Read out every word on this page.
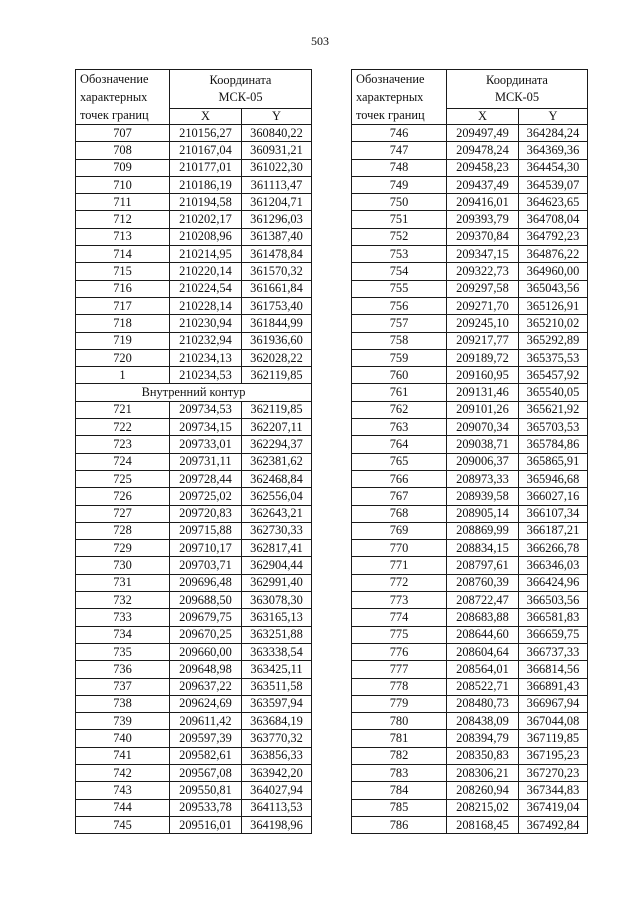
503
Обозначение
характерных
точек границ	Координата
МСК-05	
	X	Y
707	210156,27	360840,22
708	210167,04	360931,21
709	210177,01	361022,30
710	210186,19	361113,47
711	210194,58	361204,71
712	210202,17	361296,03
713	210208,96	361387,40
714	210214,95	361478,84
715	210220,14	361570,32
716	210224,54	361661,84
717	210228,14	361753,40
718	210230,94	361844,99
719	210232,94	361936,60
720	210234,13	362028,22
1	210234,53	362119,85
Внутренний контур		
721	209734,53	362119,85
722	209734,15	362207,11
723	209733,01	362294,37
724	209731,11	362381,62
725	209728,44	362468,84
726	209725,02	362556,04
727	209720,83	362643,21
728	209715,88	362730,33
729	209710,17	362817,41
730	209703,71	362904,44
731	209696,48	362991,40
732	209688,50	363078,30
733	209679,75	363165,13
734	209670,25	363251,88
735	209660,00	363338,54
736	209648,98	363425,11
737	209637,22	363511,58
738	209624,69	363597,94
739	209611,42	363684,19
740	209597,39	363770,32
741	209582,61	363856,33
742	209567,08	363942,20
743	209550,81	364027,94
744	209533,78	364113,53
745	209516,01	364198,96
Обозначение
характерных
точек границ	Координата
МСК-05	
	X	Y
746	209497,49	364284,24
747	209478,24	364369,36
748	209458,23	364454,30
749	209437,49	364539,07
750	209416,01	364623,65
751	209393,79	364708,04
752	209370,84	364792,23
753	209347,15	364876,22
754	209322,73	364960,00
755	209297,58	365043,56
756	209271,70	365126,91
757	209245,10	365210,02
758	209217,77	365292,89
759	209189,72	365375,53
760	209160,95	365457,92
761	209131,46	365540,05
762	209101,26	365621,92
763	209070,34	365703,53
764	209038,71	365784,86
765	209006,37	365865,91
766	208973,33	365946,68
767	208939,58	366027,16
768	208905,14	366107,34
769	208869,99	366187,21
770	208834,15	366266,78
771	208797,61	366346,03
772	208760,39	366424,96
773	208722,47	366503,56
774	208683,88	366581,83
775	208644,60	366659,75
776	208604,64	366737,33
777	208564,01	366814,56
778	208522,71	366891,43
779	208480,73	366967,94
780	208438,09	367044,08
781	208394,79	367119,85
782	208350,83	367195,23
783	208306,21	367270,23
784	208260,94	367344,83
785	208215,02	367419,04
786	208168,45	367492,84
